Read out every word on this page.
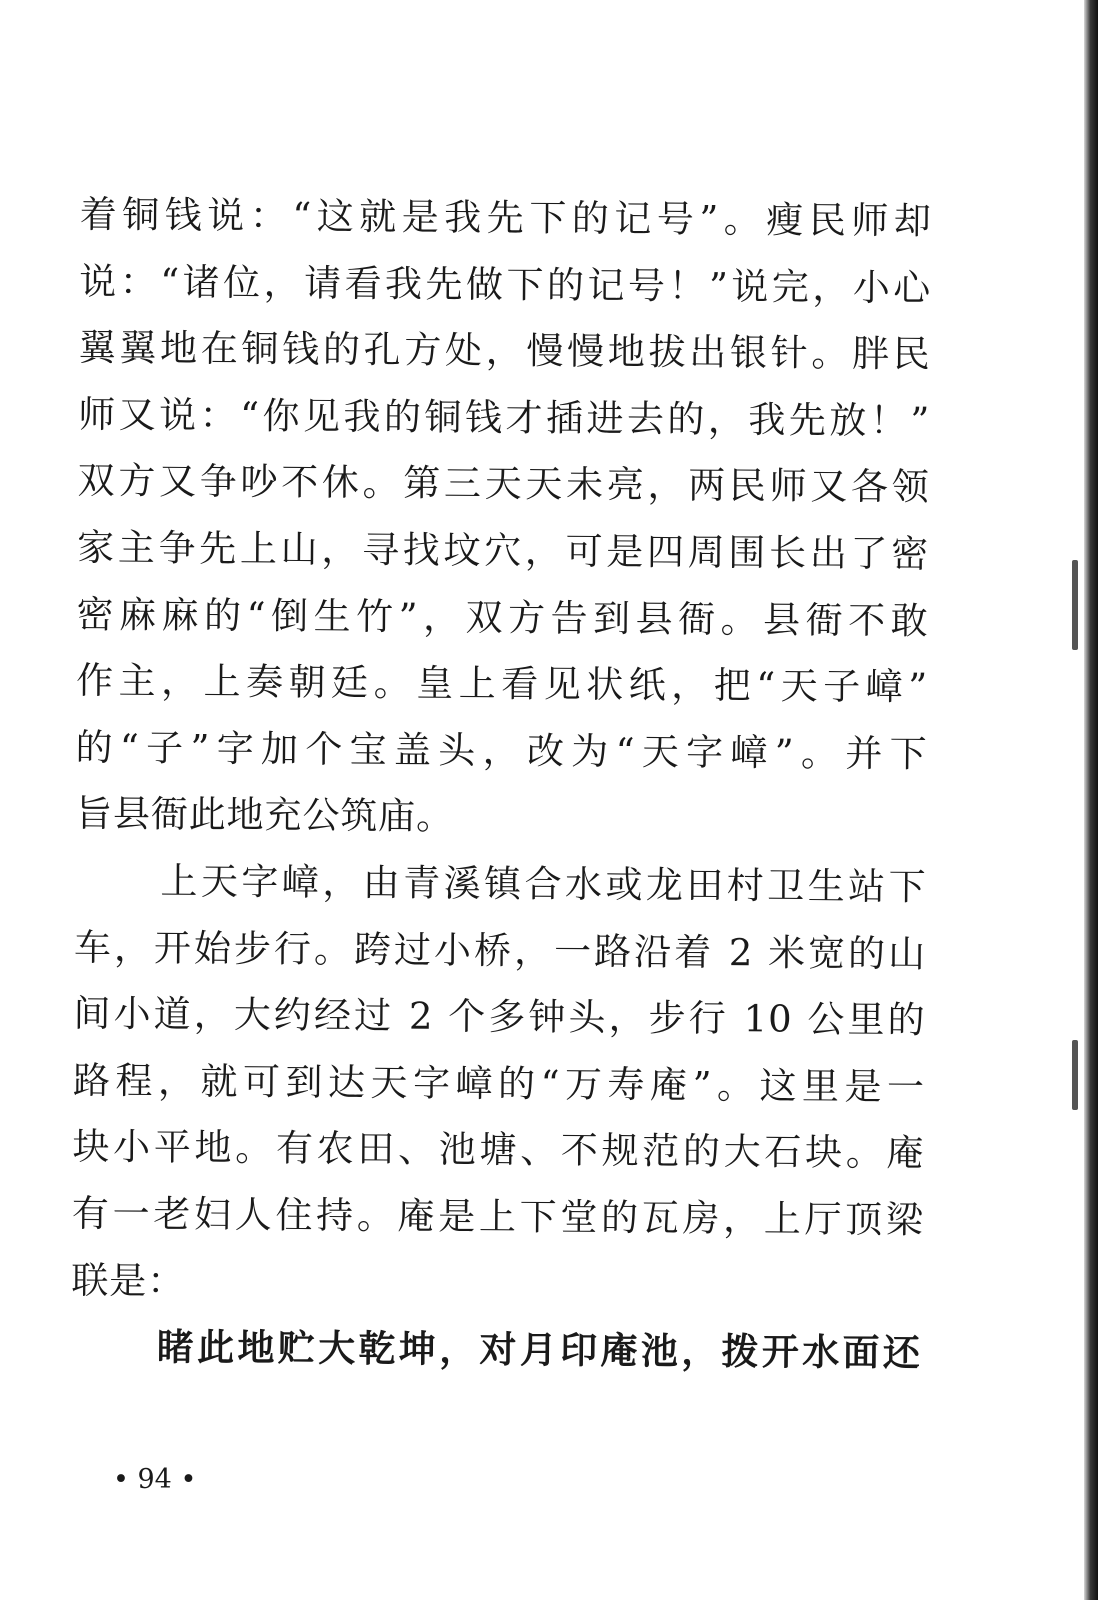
着铜钱说：“这就是我先下的记号”。瘦民师却
说：“诸位，请看我先做下的记号！”说完，小心
翼翼地在铜钱的孔方处，慢慢地拔出银针。胖民
师又说：“你见我的铜钱才插进去的，我先放！”
双方又争吵不休。第三天天未亮，两民师又各领
家主争先上山，寻找坟穴，可是四周围长出了密
密麻麻的“倒生竹”，双方告到县衙。县衙不敢
作主，上奏朝廷。皇上看见状纸，把“天子嶂”
的“子”字加个宝盖头，改为“天字嶂”。并下
旨县衙此地充公筑庙。
上天字嶂，由青溪镇合水或龙田村卫生站下
车，开始步行。跨过小桥，一路沿着 2 米宽的山
间小道，大约经过 2 个多钟头，步行 10 公里的
路程，就可到达天字嶂的“万寿庵”。这里是一
块小平地。有农田、池塘、不规范的大石块。庵
有一老妇人住持。庵是上下堂的瓦房，上厅顶梁
联是：
睹此地贮大乾坤，对月印庵池，拨开水面还
• 94 •
